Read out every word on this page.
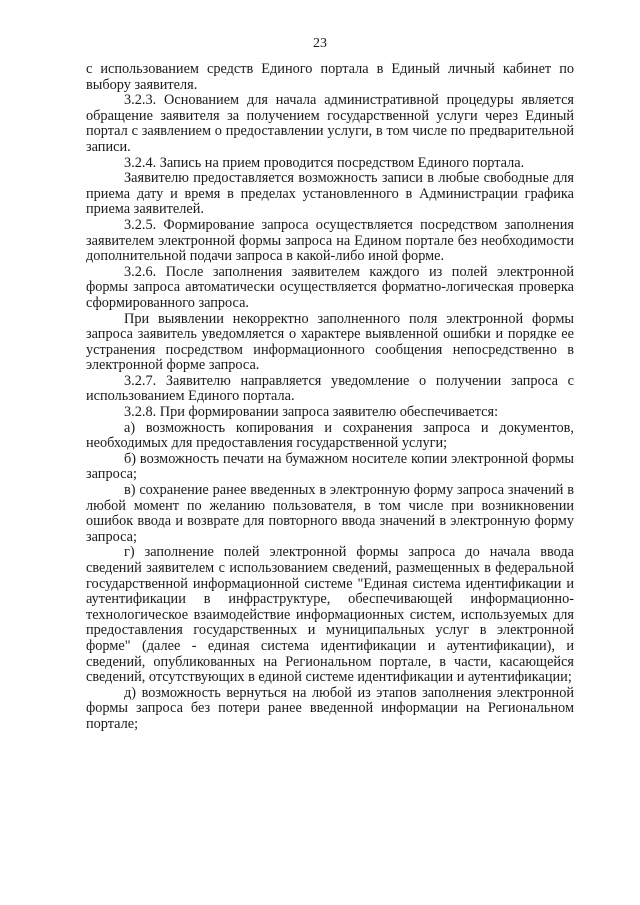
23

с использованием средств Единого портала в Единый личный кабинет по выбору заявителя.

3.2.3. Основанием для начала административной процедуры является обращение заявителя за получением государственной услуги через Единый портал с заявлением о предоставлении услуги, в том числе по предварительной записи.

3.2.4. Запись на прием проводится посредством Единого портала.

Заявителю предоставляется возможность записи в любые свободные для приема дату и время в пределах установленного в Администрации графика приема заявителей.

3.2.5. Формирование запроса осуществляется посредством заполнения заявителем электронной формы запроса на Едином портале без необходимости дополнительной подачи запроса в какой-либо иной форме.

3.2.6. После заполнения заявителем каждого из полей электронной формы запроса автоматически осуществляется форматно-логическая проверка сформированного запроса.

При выявлении некорректно заполненного поля электронной формы запроса заявитель уведомляется о характере выявленной ошибки и порядке ее устранения посредством информационного сообщения непосредственно в электронной форме запроса.

3.2.7. Заявителю направляется уведомление о получении запроса с использованием Единого портала.

3.2.8. При формировании запроса заявителю обеспечивается:

а) возможность копирования и сохранения запроса и документов, необходимых для предоставления государственной услуги;

б) возможность печати на бумажном носителе копии электронной формы запроса;

в) сохранение ранее введенных в электронную форму запроса значений в любой момент по желанию пользователя, в том числе при возникновении ошибок ввода и возврате для повторного ввода значений в электронную форму запроса;

г) заполнение полей электронной формы запроса до начала ввода сведений заявителем с использованием сведений, размещенных в федеральной государственной информационной системе "Единая система идентификации и аутентификации в инфраструктуре, обеспечивающей информационно-технологическое взаимодействие информационных систем, используемых для предоставления государственных и муниципальных услуг в электронной форме" (далее - единая система идентификации и аутентификации), и сведений, опубликованных на Региональном портале, в части, касающейся сведений, отсутствующих в единой системе идентификации и аутентификации;

д) возможность вернуться на любой из этапов заполнения электронной формы запроса без потери ранее введенной информации на Региональном портале;
